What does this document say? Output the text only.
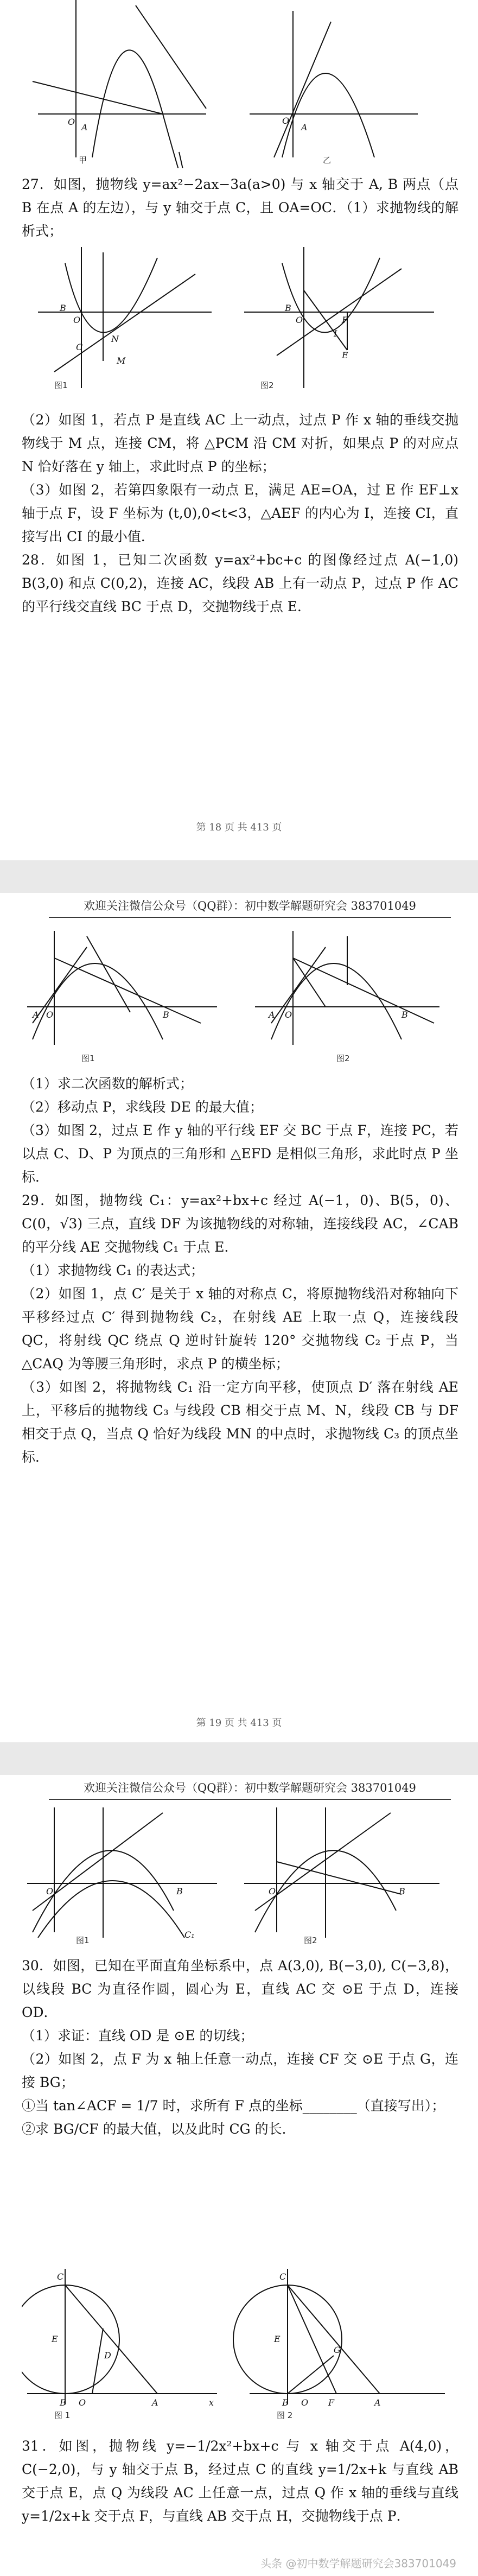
O
A
O
A
甲	乙

27．如图，抛物线 y=ax²−2ax−3a(a>0) 与 x 轴交于 A, B 两点（点 B 在点 A 的左边），与 y 轴交于点 C，且 OA=OC．（1）求抛物线的解析式；

B
O
C
M
N
B
O	F
I
E
图1	图2

（2）如图 1，若点 P 是直线 AC 上一动点，过点 P 作 x 轴的垂线交抛物线于 M 点，连接 CM，将 △PCM 沿 CM 对折，如果点 P 的对应点 N 恰好落在 y 轴上，求此时点 P 的坐标；

（3）如图 2，若第四象限有一动点 E，满足 AE=OA，过 E 作 EF⊥x 轴于点 F，设 F 坐标为 (t,0),0<t<3，△AEF 的内心为 I，连接 CI，直接写出 CI 的最小值．

28．如图 1，已知二次函数 y=ax²+bc+c 的图像经过点 A(−1,0) B(3,0) 和点 C(0,2)，连接 AC，线段 AB 上有一动点 P，过点 P 作 AC 的平行线交直线 BC 于点 D，交抛物线于点 E．

第 18 页 共 413 页
欢迎关注微信公众号（QQ群）：初中数学解题研究会 383701049
A O	B	A O	B
图1	图2

（1）求二次函数的解析式；

（2）移动点 P，求线段 DE 的最大值；

（3）如图 2，过点 E 作 y 轴的平行线 EF 交 BC 于点 F，连接 PC，若以点 C、D、P 为顶点的三角形和 △EFD 是相似三角形，求此时点 P 坐标．

29．如图，抛物线 C₁：y=ax²+bx+c 经过 A(−1，0)、B(5，0)、C(0，√3) 三点，直线 DF 为该抛物线的对称轴，连接线段 AC，∠CAB 的平分线 AE 交抛物线 C₁ 于点 E．

（1）求抛物线 C₁ 的表达式；

（2）如图 1，点 C′ 是关于 x 轴的对称点 C，将原抛物线沿对称轴向下平移经过点 C′ 得到抛物线 C₂，在射线 AE 上取一点 Q，连接线段 QC，将射线 QC 绕点 Q 逆时针旋转 120° 交抛物线 C₂ 于点 P，当 △CAQ 为等腰三角形时，求点 P 的横坐标；

（3）如图 2，将抛物线 C₁ 沿一定方向平移，使顶点 D′ 落在射线 AE 上，平移后的抛物线 C₃ 与线段 CB 相交于点 M、N，线段 CB 与 DF 相交于点 Q，当点 Q 恰好为线段 MN 的中点时，求抛物线 C₃ 的顶点坐标．

第 19 页 共 413 页
欢迎关注微信公众号（QQ群）：初中数学解题研究会 383701049
O	B
C₁
O	B
图1	图2

30．如图，已知在平面直角坐标系中，点 A(3,0), B(−3,0), C(−3,8)，以线段 BC 为直径作圆，圆心为 E，直线 AC 交 ⊙E 于点 D，连接 OD．

（1）求证：直线 OD 是 ⊙E 的切线；

（2）如图 2，点 F 为 x 轴上任意一动点，连接 CF 交 ⊙E 于点 G，连接 BG；

①当 tan∠ACF = 1/7 时，求所有 F 点的坐标________（直接写出）；

②求 BG/CF 的最大值，以及此时 CG 的长．

C
E
D
B O	A	x
C
E
G
B O F	A
图 1	图 2

31．如图，抛物线 y=−1/2x²+bx+c 与 x 轴交于点 A(4,0)，C(−2,0)，与 y 轴交于点 B，经过点 C 的直线 y=1/2x+k 与直线 AB 交于点 E，点 Q 为线段 AC 上任意一点，过点 Q 作 x 轴的垂线与直线 y=1/2x+k 交于点 F，与直线 AB 交于点 H，交抛物线于点 P．

头条 @初中数学解题研究会383701049
